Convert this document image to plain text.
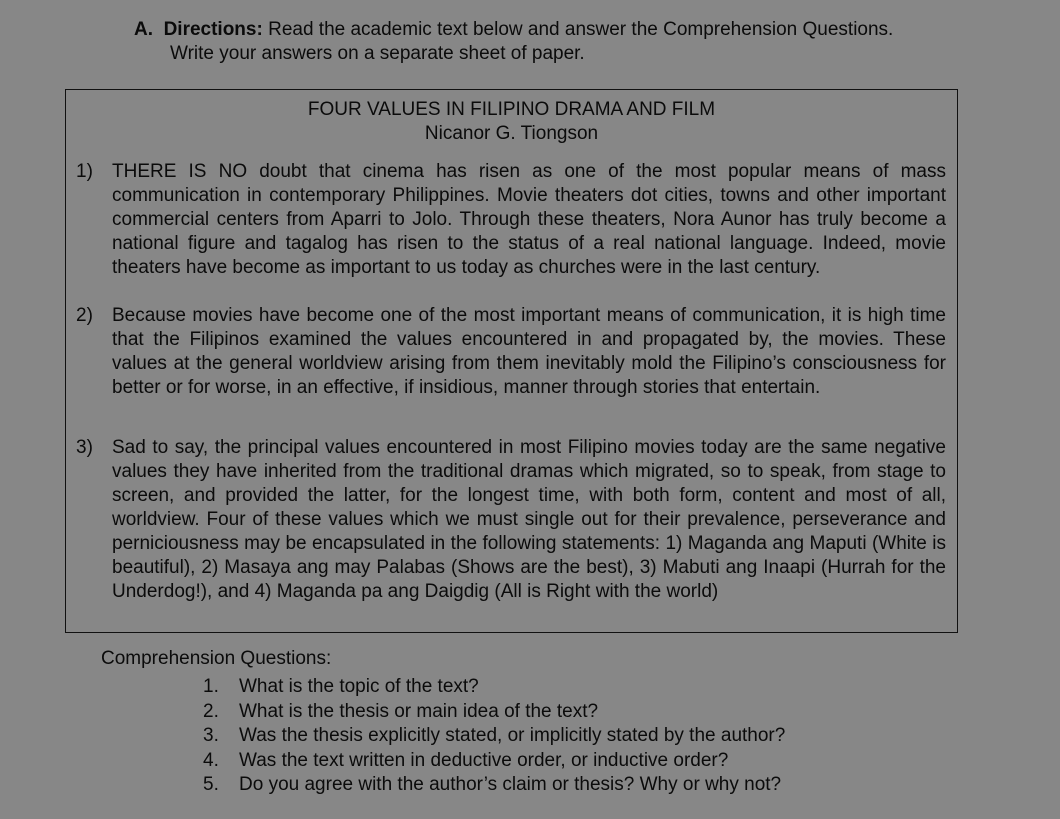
A. Directions: Read the academic text below and answer the Comprehension Questions.
Write your answers on a separate sheet of paper.
FOUR VALUES IN FILIPINO DRAMA AND FILM
Nicanor G. Tiongson
1) THERE IS NO doubt that cinema has risen as one of the most popular means of mass communication in contemporary Philippines. Movie theaters dot cities, towns and other important commercial centers from Aparri to Jolo. Through these theaters, Nora Aunor has truly become a national figure and tagalog has risen to the status of a real national language. Indeed, movie theaters have become as important to us today as churches were in the last century.
2) Because movies have become one of the most important means of communication, it is high time that the Filipinos examined the values encountered in and propagated by, the movies. These values at the general worldview arising from them inevitably mold the Filipino’s consciousness for better or for worse, in an effective, if insidious, manner through stories that entertain.
3) Sad to say, the principal values encountered in most Filipino movies today are the same negative values they have inherited from the traditional dramas which migrated, so to speak, from stage to screen, and provided the latter, for the longest time, with both form, content and most of all, worldview. Four of these values which we must single out for their prevalence, perseverance and perniciousness may be encapsulated in the following statements: 1) Maganda ang Maputi (White is beautiful), 2) Masaya ang may Palabas (Shows are the best), 3) Mabuti ang Inaapi (Hurrah for the Underdog!), and 4) Maganda pa ang Daigdig (All is Right with the world)
Comprehension Questions:
1. What is the topic of the text?
2. What is the thesis or main idea of the text?
3. Was the thesis explicitly stated, or implicitly stated by the author?
4. Was the text written in deductive order, or inductive order?
5. Do you agree with the author’s claim or thesis? Why or why not?
